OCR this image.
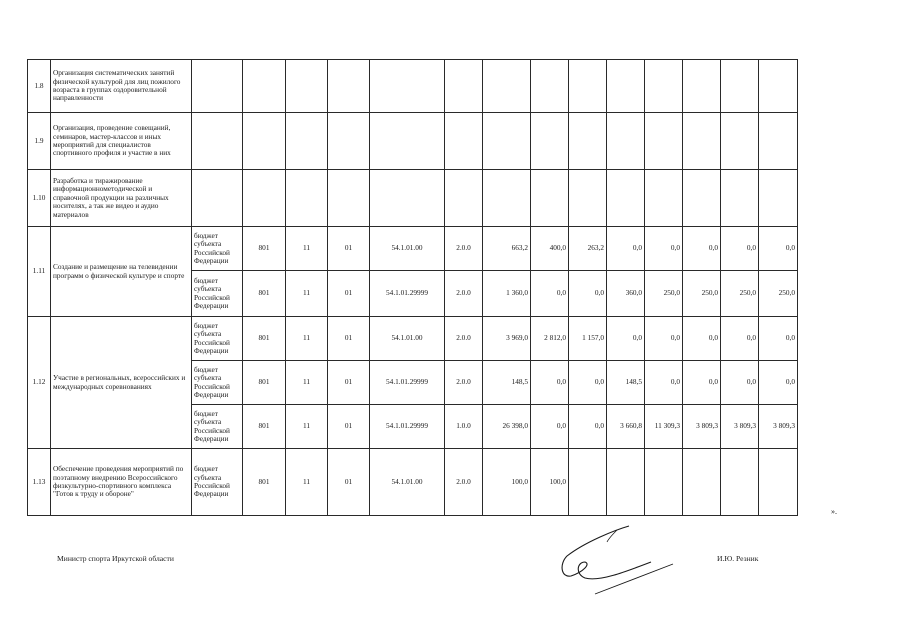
1.8	Организация систематических занятий физической культурой для лиц пожилого возраста в группах оздоровительной направленности														
1.9	Организация, проведение совещаний, семинаров, мастер-классов и иных мероприятий для специалистов спортивного профиля и участие в них														
1.10	Разработка и тиражирование информационнометодической и справочной продукции на различных носителях, а так же видео и аудио материалов														
1.11	Создание и размещение на телевидении программ о физической культуре и спорте	бюджет субъекта Российской Федерации	801	11	01	54.1.01.00	2.0.0	663,2	400,0	263,2	0,0	0,0	0,0	0,0	0,0
		бюджет субъекта Российской Федерации	801	11	01	54.1.01.29999	2.0.0	1 360,0	0,0	0,0	360,0	250,0	250,0	250,0	250,0
1.12	Участие в региональных, всероссийских и международных соревнованиях	бюджет субъекта Российской Федерации	801	11	01	54.1.01.00	2.0.0	3 969,0	2 812,0	1 157,0	0,0	0,0	0,0	0,0	0,0
		бюджет субъекта Российской Федерации	801	11	01	54.1.01.29999	2.0.0	148,5	0,0	0,0	148,5	0,0	0,0	0,0	0,0
		бюджет субъекта Российской Федерации	801	11	01	54.1.01.29999	1.0.0	26 398,0	0,0	0,0	3 660,8	11 309,3	3 809,3	3 809,3	3 809,3
1.13	Обеспечение проведения мероприятий по поэтапному внедрению Всероссийского физкультурно-спортивного комплекса "Готов к труду и обороне"	бюджет субъекта Российской Федерации	801	11	01	54.1.01.00	2.0.0	100,0	100,0						
».
Министр спорта Иркутской области	И.Ю. Резник
